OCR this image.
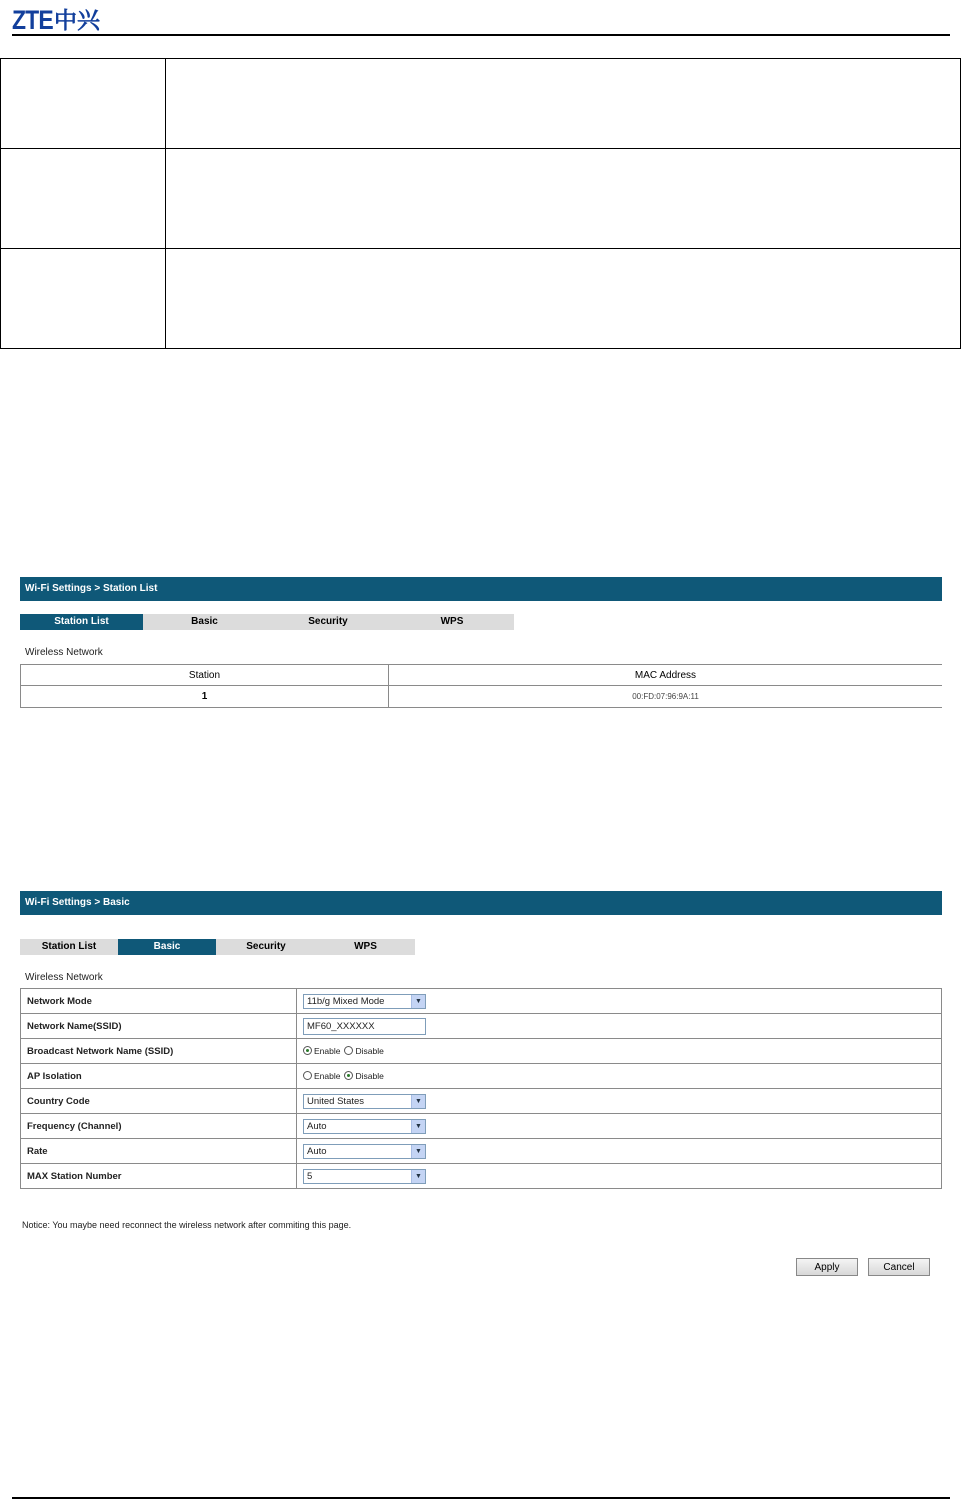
ZTE 中兴

Wi-Fi Settings > Station List
Station List	Basic	Security	WPS
Wireless Network
Station	MAC Address
1	00:FD:07:96:9A:11
Wi-Fi Settings > Basic
Station List	Basic	Security	WPS
Wireless Network
Network Mode	11b/g Mixed Mode ▼

Network Name(SSID)	MF60_XXXXXX
Broadcast Network Name (SSID)	Enable Disable
AP Isolation	Enable Disable
Country Code	United States ▼

Frequency (Channel)	Auto ▼

Rate	Auto ▼

MAX Station Number	5 ▼
Notice: You maybe need reconnect the wireless network after commiting this page.
Apply	Cancel
